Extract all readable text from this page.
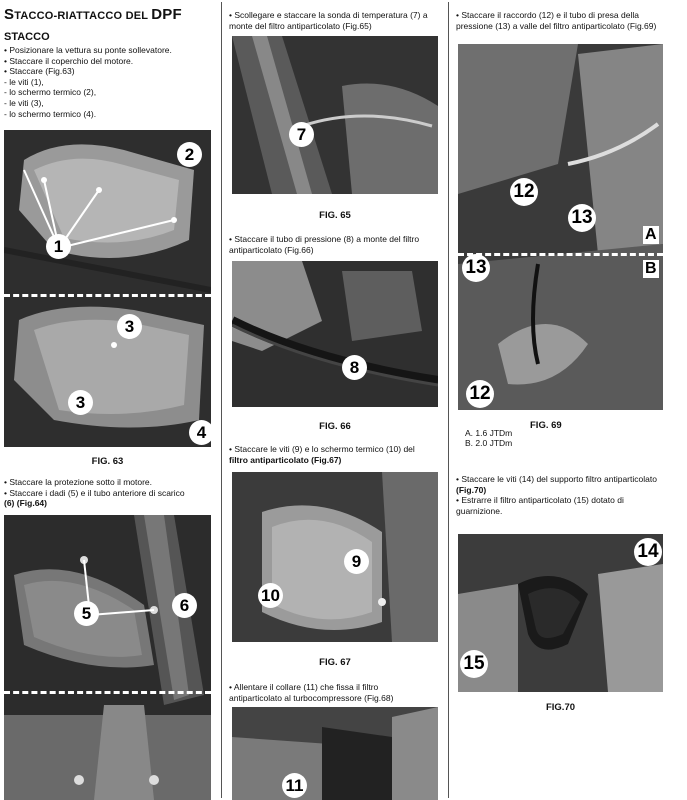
STACCO-RIATTACCO DEL DPF
STACCO
• Posizionare la vettura su ponte sollevatore.
• Staccare il coperchio del motore.
• Staccare (Fig.63)
- le viti (1),
- lo schermo termico (2),
- le viti (3),
- lo schermo termico (4).
1
2
3
3
4
FIG. 63
• Staccare la protezione sotto il motore.
• Staccare i dadi (5) e il tubo anteriore di scarico
(6) (Fig.64)
5	6
• Scollegare e staccare la sonda di temperatura (7) a
monte del filtro antiparticolato (Fig.65)
7
FIG. 65
• Staccare il tubo di pressione (8) a monte del filtro
antiparticolato (Fig.66)
8
FIG. 66
• Staccare le viti (9) e lo schermo termico (10) del
filtro antiparticolato (Fig.67)
9
10
FIG. 67
• Allentare il collare (11) che fissa il filtro
antiparticolato al turbocompressore (Fig.68)
11
• Staccare il raccordo (12) e il tubo di presa della
pressione (13) a valle del filtro antiparticolato (Fig.69)
A
B
12
13
13
12
A. 1.6 JTDm
B. 2.0 JTDm
FIG. 69
• Staccare le viti (14) del supporto filtro antiparticolato
(Fig.70)
• Estrarre il filtro antiparticolato (15) dotato di
guarnizione.
14
15
FIG.70
